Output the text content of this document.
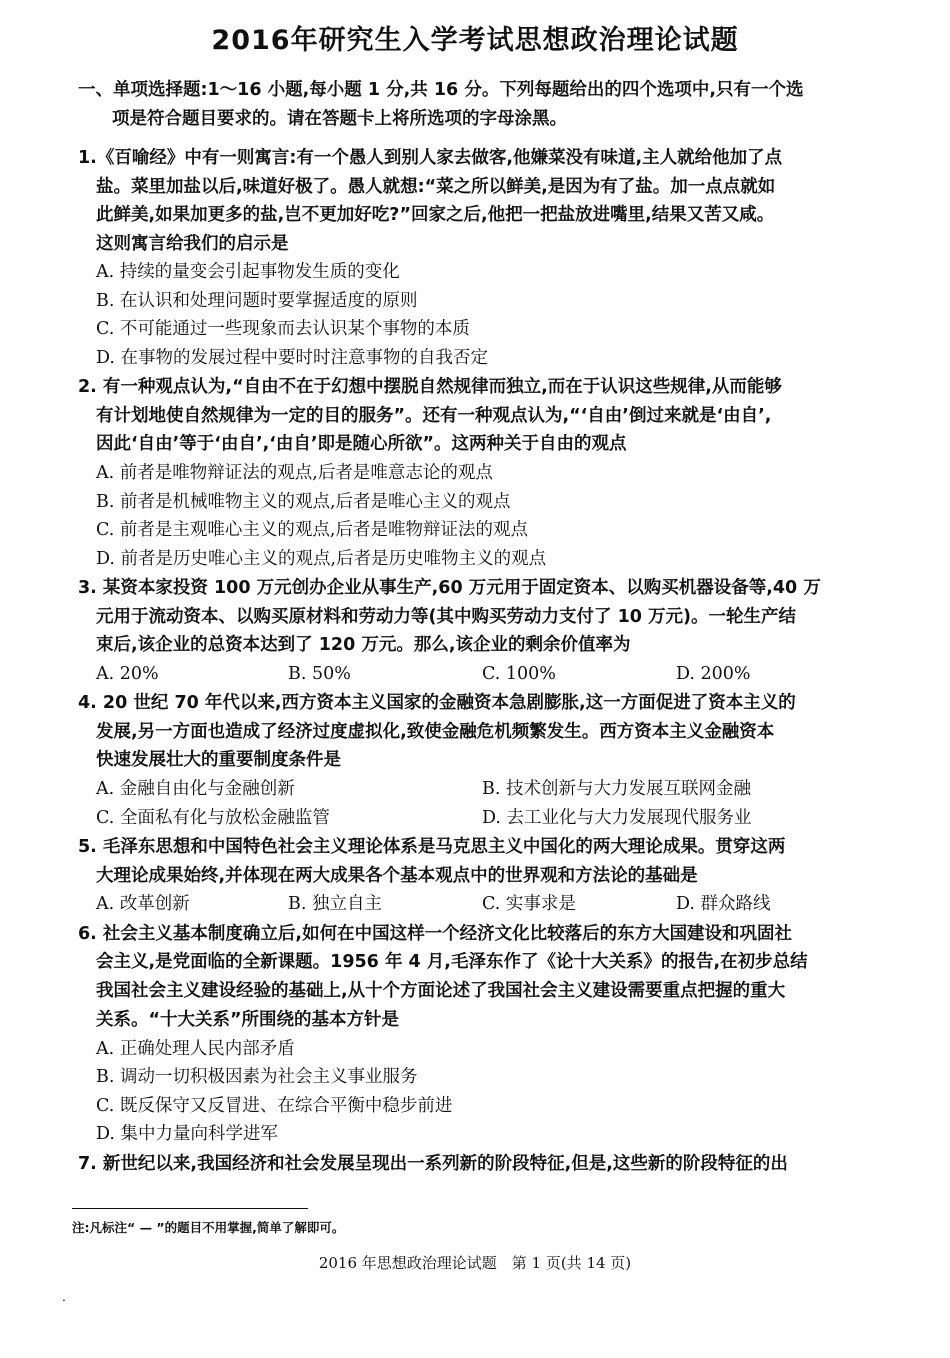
2016年研究生入学考试思想政治理论试题
一、单项选择题:1～16 小题,每小题 1 分,共 16 分。下列每题给出的四个选项中,只有一个选
项是符合题目要求的。请在答题卡上将所选项的字母涂黑。
1.《百喻经》中有一则寓言:有一个愚人到别人家去做客,他嫌菜没有味道,主人就给他加了点
盐。菜里加盐以后,味道好极了。愚人就想:“菜之所以鲜美,是因为有了盐。加一点点就如
此鲜美,如果加更多的盐,岂不更加好吃?”回家之后,他把一把盐放进嘴里,结果又苦又咸。
这则寓言给我们的启示是
A. 持续的量变会引起事物发生质的变化
B. 在认识和处理问题时要掌握适度的原则
C. 不可能通过一些现象而去认识某个事物的本质
D. 在事物的发展过程中要时时注意事物的自我否定
2. 有一种观点认为,“自由不在于幻想中摆脱自然规律而独立,而在于认识这些规律,从而能够
有计划地使自然规律为一定的目的服务”。还有一种观点认为,“‘自由’倒过来就是‘由自’,
因此‘自由’等于‘由自’,‘由自’即是随心所欲”。这两种关于自由的观点
A. 前者是唯物辩证法的观点,后者是唯意志论的观点
B. 前者是机械唯物主义的观点,后者是唯心主义的观点
C. 前者是主观唯心主义的观点,后者是唯物辩证法的观点
D. 前者是历史唯心主义的观点,后者是历史唯物主义的观点
3. 某资本家投资 100 万元创办企业从事生产,60 万元用于固定资本、以购买机器设备等,40 万
元用于流动资本、以购买原材料和劳动力等(其中购买劳动力支付了 10 万元)。一轮生产结
束后,该企业的总资本达到了 120 万元。那么,该企业的剩余价值率为
A. 20%	B. 50%	C. 100%	D. 200%
4. 20 世纪 70 年代以来,西方资本主义国家的金融资本急剧膨胀,这一方面促进了资本主义的
发展,另一方面也造成了经济过度虚拟化,致使金融危机频繁发生。西方资本主义金融资本
快速发展壮大的重要制度条件是
A. 金融自由化与金融创新	B. 技术创新与大力发展互联网金融
C. 全面私有化与放松金融监管	D. 去工业化与大力发展现代服务业
5. 毛泽东思想和中国特色社会主义理论体系是马克思主义中国化的两大理论成果。贯穿这两
大理论成果始终,并体现在两大成果各个基本观点中的世界观和方法论的基础是
A. 改革创新	B. 独立自主	C. 实事求是	D. 群众路线
6. 社会主义基本制度确立后,如何在中国这样一个经济文化比较落后的东方大国建设和巩固社
会主义,是党面临的全新课题。1956 年 4 月,毛泽东作了《论十大关系》的报告,在初步总结
我国社会主义建设经验的基础上,从十个方面论述了我国社会主义建设需要重点把握的重大
关系。“十大关系”所围绕的基本方针是
A. 正确处理人民内部矛盾
B. 调动一切积极因素为社会主义事业服务
C. 既反保守又反冒进、在综合平衡中稳步前进
D. 集中力量向科学进军
7. 新世纪以来,我国经济和社会发展呈现出一系列新的阶段特征,但是,这些新的阶段特征的出
注:凡标注“ — ”的题目不用掌握,简单了解即可。
2016 年思想政治理论试题　第 1 页(共 14 页)
.
